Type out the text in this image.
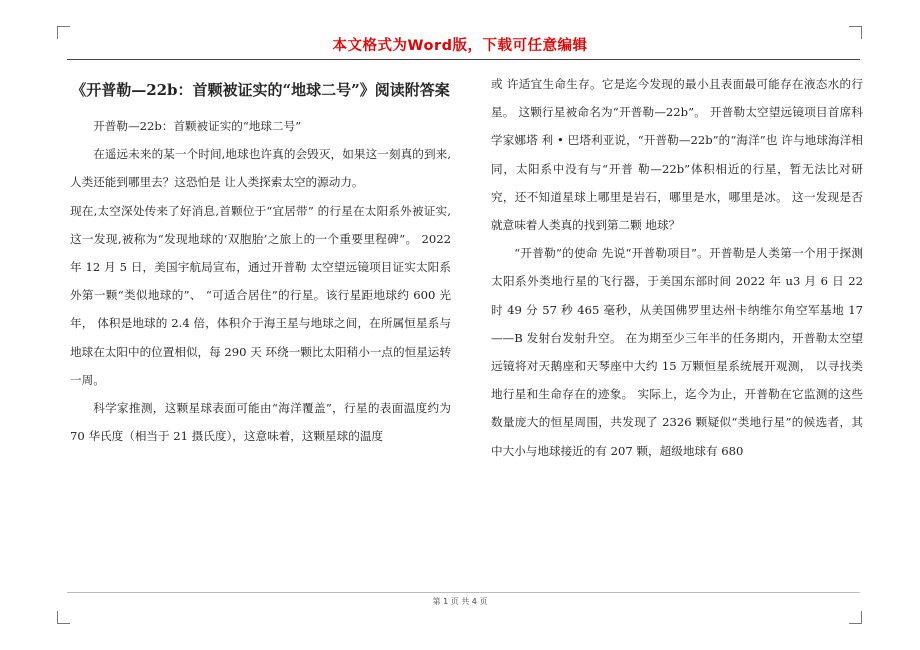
本文格式为Word版，下载可任意编辑
《开普勒—22b：首颗被证实的“地球二号”》阅读附答案

开普勒—22b：首颗被证实的“地球二号”

在遥远未来的某一个时间,地球也许真的会毁灭，如果这一刻真的到来,人类还能到哪里去？这恐怕是 让人类探索太空的源动力。

现在,太空深处传来了好消息,首颗位于“宜居带” 的行星在太阳系外被证实,这一发现,被称为“发现地球的‘双胞胎’之旅上的一个重要里程碑”。 2022 年 12 月 5 日，美国宇航局宣布，通过开普勒 太空望远镜项目证实太阳系外第一颗“类似地球的”、 “可适合居住”的行星。该行星距地球约 600 光年， 体积是地球的 2.4 倍，体积介于海王星与地球之间，在所属恒星系与地球在太阳中的位置相似，每 290 天 环绕一颗比太阳稍小一点的恒星运转一周。

科学家推测，这颗星球表面可能由“海洋覆盖”，行星的表面温度约为 70 华氏度（相当于 21 摄氏度），这意味着，这颗星球的温度

或 许适宜生命生存。它是迄今发现的最小且表面最可能存在液态水的行星。 这颗行星被命名为“开普勒—22b”。 开普勒太空望远镜项目首席科学家娜塔 利 • 巴塔利亚说，“开普勒—22b”的“海洋”也 许与地球海洋相同，太阳系中没有与“开普 勒—22b”体积相近的行星，暂无法比对研究，还不知道星球上哪里是岩石，哪里是水，哪里是冰。 这一发现是否就意味着人类真的找到第二颗 地球？

“开普勒”的使命 先说“开普勒项目”。开普勒是人类第一个用于探测太阳系外类地行星的飞行器，于美国东部时间 2022 年 u3 月 6 日 22 时 49 分 57 秒 465 毫秒，从美国佛罗里达州卡纳维尔角空军基地 17——B 发射台发射升空。 在为期至少三年半的任务期内，开普勒太空望远镜将对天鹅座和天琴座中大约 15 万颗恒星系统展开观测， 以寻找类地行星和生命存在的迹象。 实际上，迄今为止，开普勒在它监测的这些数量庞大的恒星周围，共发现了 2326 颗疑似“类地行星”的候选者，其中大小与地球接近的有 207 颗，超级地球有 680

第 1 页 共 4 页
